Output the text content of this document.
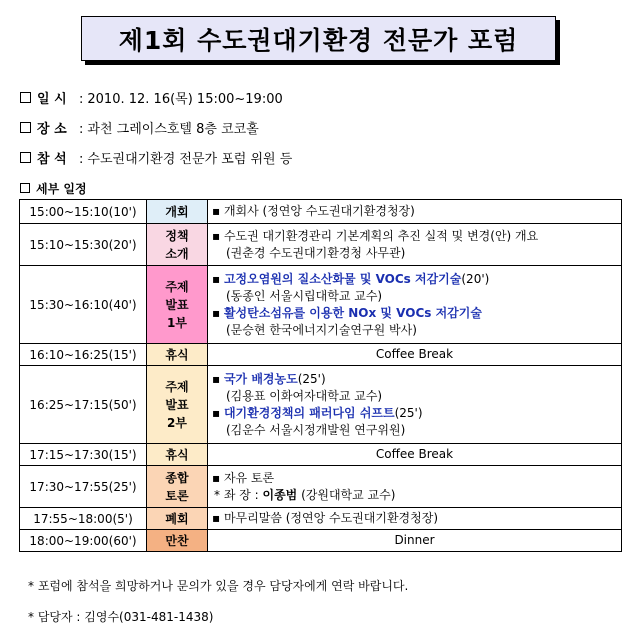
제1회 수도권대기환경 전문가 포럼
일 시 : 2010. 12. 16(목) 15:00~19:00
장 소 : 과천 그레이스호텔 8층 코코홀
참 석 : 수도권대기환경 전문가 포럼 위원 등
세부 일정
15:00~15:10(10')	개회	▪ 개회사 (정연앙 수도권대기환경청장)
15:10~15:30(20')	정책 소개	▪ 수도권 대기환경관리 기본계획의 추진 실적 및 변경(안) 개요
(권춘경 수도권대기환경청 사무관)

15:30~16:10(40')	주제 발표 1부	▪ 고정오염원의 질소산화물 및 VOCs 저감기술(20')
(동종인 서울시립대학교 교수)
▪ 활성탄소섬유를 이용한 NOx 및 VOCs 저감기술
(문승현 한국에너지기술연구원 박사)

16:10~16:25(15')	휴식	Coffee Break
16:25~17:15(50')	주제 발표 2부	▪ 국가 배경농도(25')
(김용표 이화여자대학교 교수)
▪ 대기환경정책의 패러다임 쉬프트(25')
(김운수 서울시정개발원 연구위원)

17:15~17:30(15')	휴식	Coffee Break
17:30~17:55(25')	종합 토론	▪ 자유 토론
* 좌 장 : 이종범 (강원대학교 교수)

17:55~18:00(5')	폐회	▪ 마무리말씀 (정연앙 수도권대기환경청장)
18:00~19:00(60')	만찬	Dinner
* 포럼에 참석을 희망하거나 문의가 있을 경우 담당자에게 연락 바랍니다.
* 담당자 : 김영수(031-481-1438)
